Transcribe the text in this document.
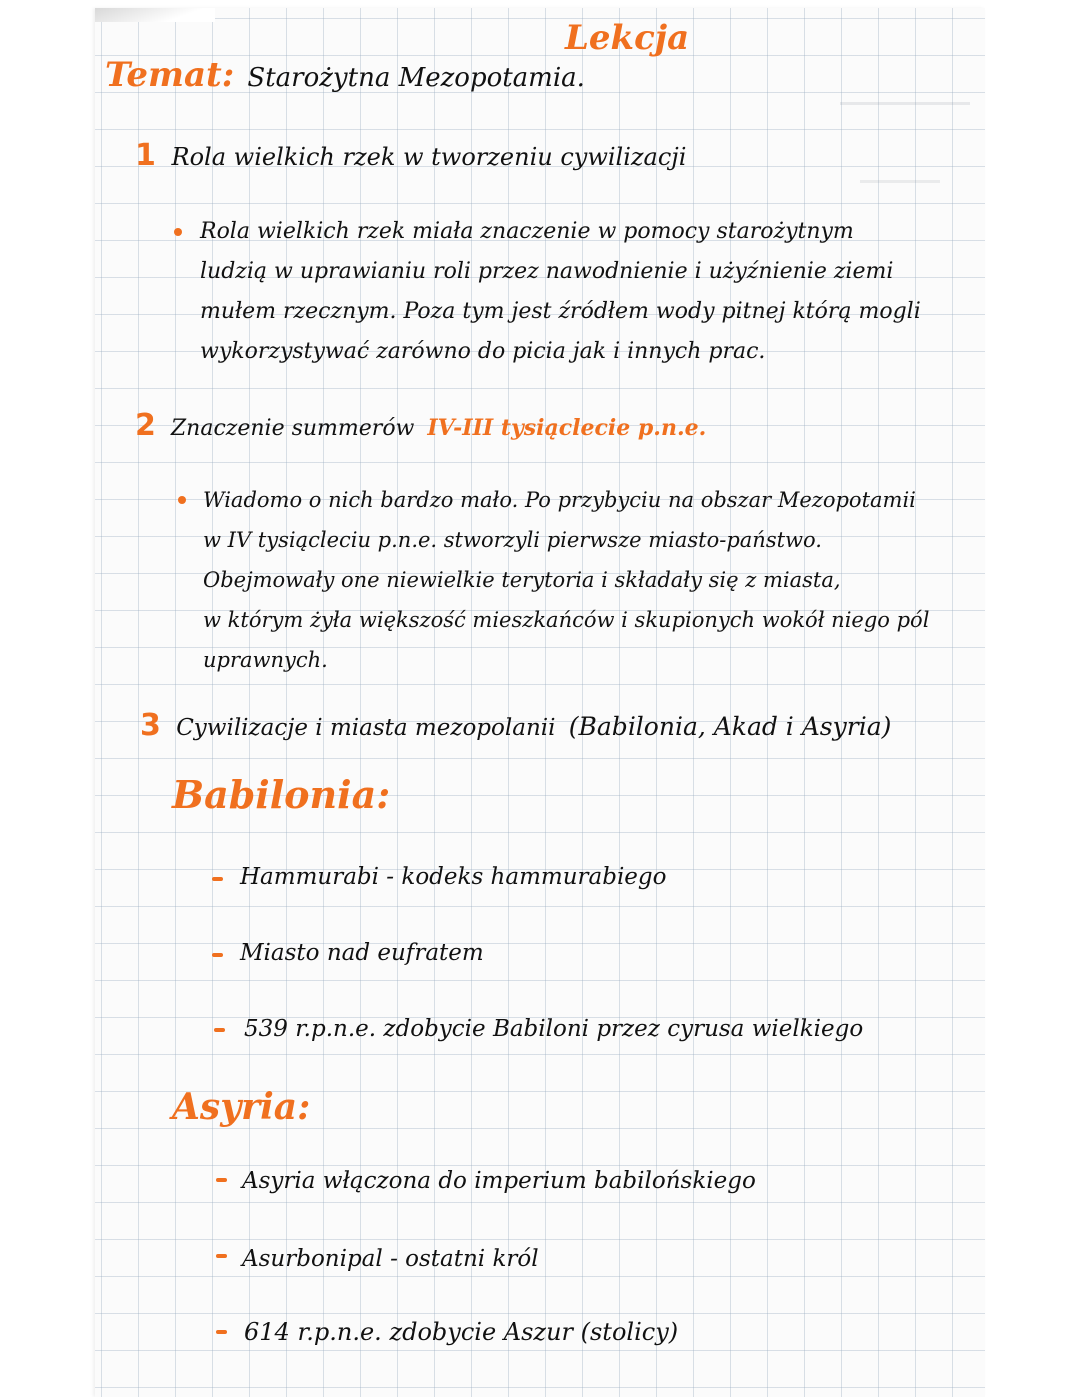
Lekcja
Temat: Starożytna Mezopotamia.
1 Rola wielkich rzek w tworzeniu cywilizacji
Rola wielkich rzek miała znaczenie w pomocy starożytnym
ludzią w uprawianiu roli przez nawodnienie i użyźnienie ziemi
mułem rzecznym. Poza tym jest źródłem wody pitnej którą mogli
wykorzystywać zarówno do picia jak i innych prac.
2 Znaczenie summerów IV-III tysiąclecie p.n.e.
Wiadomo o nich bardzo mało. Po przybyciu na obszar Mezopotamii
w IV tysiącleciu p.n.e. stworzyli pierwsze miasto-państwo.
Obejmowały one niewielkie terytoria i składały się z miasta,
w którym żyła większość mieszkańców i skupionych wokół niego pól
uprawnych.
3 Cywilizacje i miasta mezopolanii (Babilonia, Akad i Asyria)
Babilonia:
Hammurabi - kodeks hammurabiego
Miasto nad eufratem
539 r.p.n.e. zdobycie Babiloni przez cyrusa wielkiego
Asyria:
Asyria włączona do imperium babilońskiego
Asurbonipal - ostatni król
614 r.p.n.e. zdobycie Aszur (stolicy)
